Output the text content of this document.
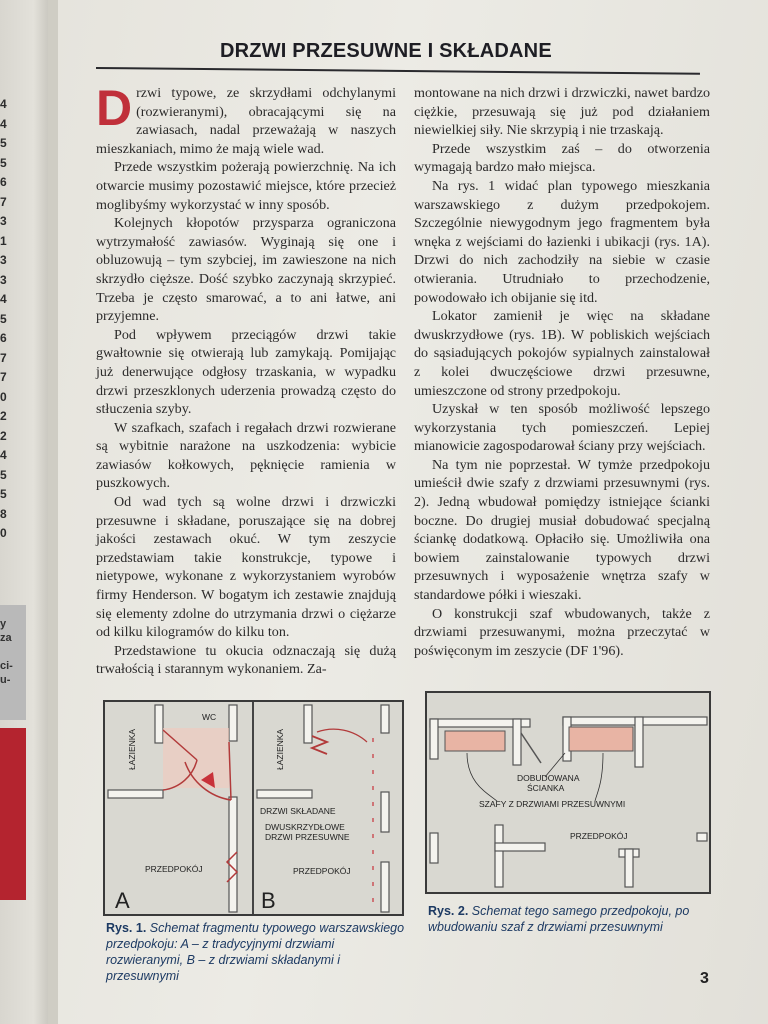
4
4
5
5
6
7
3
1
3
3
4
5
6
7
7
0
2
2
4
5
5
8
0
y
za
ci-
u-
DRZWI PRZESUWNE I SKŁADANE

Drzwi typowe, ze skrzydłami odchylanymi (rozwieranymi), obracającymi się na zawiasach, nadal przeważają w naszych mieszkaniach, mimo że mają wiele wad.

Przede wszystkim pożerają powierzchnię. Na ich otwarcie musimy pozostawić miejsce, które przecież moglibyśmy wykorzystać w inny sposób.

Kolejnych kłopotów przysparza ograniczona wytrzymałość zawiasów. Wyginają się one i obluzowują – tym szybciej, im zawieszone na nich skrzydło cięższe. Dość szybko zaczynają skrzypieć. Trzeba je często smarować, a to ani łatwe, ani przyjemne.

Pod wpływem przeciągów drzwi takie gwałtownie się otwierają lub zamykają. Pomijając już denerwujące odgłosy trzaskania, w wypadku drzwi przeszklonych uderzenia prowadzą często do stłuczenia szyby.

W szafkach, szafach i regałach drzwi rozwierane są wybitnie narażone na uszkodzenia: wybicie zawiasów kołkowych, pęknięcie ramienia w puszkowych.

Od wad tych są wolne drzwi i drzwiczki przesuwne i składane, poruszające się na dobrej jakości zestawach okuć. W tym zeszycie przedstawiam takie konstrukcje, typowe i nietypowe, wykonane z wykorzystaniem wyrobów firmy Henderson. W bogatym ich zestawie znajdują się elementy zdolne do utrzymania drzwi o ciężarze od kilku kilogramów do kilku ton.

Przedstawione tu okucia odznaczają się dużą trwałością i starannym wykonaniem. Za-

montowane na nich drzwi i drzwiczki, nawet bardzo ciężkie, przesuwają się już pod działaniem niewielkiej siły. Nie skrzypią i nie trzaskają.

Przede wszystkim zaś – do otworzenia wymagają bardzo mało miejsca.

Na rys. 1 widać plan typowego mieszkania warszawskiego z dużym przedpokojem. Szczególnie niewygodnym jego fragmentem była wnęka z wejściami do łazienki i ubikacji (rys. 1A). Drzwi do nich zachodziły na siebie w czasie otwierania. Utrudniało to przechodzenie, powodowało ich obijanie się itd.

Lokator zamienił je więc na składane dwuskrzydłowe (rys. 1B). W pobliskich wejściach do sąsiadujących pokojów sypialnych zainstalował z kolei dwuczęściowe drzwi przesuwne, umieszczone od strony przedpokoju.

Uzyskał w ten sposób możliwość lepszego wykorzystania tych pomieszczeń. Lepiej mianowicie zagospodarował ściany przy wejściach.

Na tym nie poprzestał. W tymże przedpokoju umieścił dwie szafy z drzwiami przesuwnymi (rys. 2). Jedną wbudował pomiędzy istniejące ścianki boczne. Do drugiej musiał dobudować specjalną ściankę dodatkową. Opłaciło się. Umożliwiła ona bowiem zainstalowanie typowych drzwi przesuwnych i wyposażenie wnętrza szafy w standardowe półki i wieszaki.

O konstrukcji szaf wbudowanych, także z drzwiami przesuwanymi, można przeczytać w poświęconym im zeszycie (DF 1'96).

WC
ŁAZIENKA
PRZEDPOKÓJ
A
ŁAZIENKA
DRZWI SKŁADANE
DWUSKRZYDŁOWE
DRZWI PRZESUWNE
PRZEDPOKÓJ
B
DOBUDOWANA
ŚCIANKA
SZAFY Z DRZWIAMI PRZESUWNYMI
PRZEDPOKÓJ
Rys. 1. Schemat fragmentu typowego warszawskiego przedpokoju: A – z tradycyjnymi drzwiami rozwieranymi, B – z drzwiami składanymi i przesuwnymi
Rys. 2. Schemat tego samego przedpokoju, po wbudowaniu szaf z drzwiami przesuwnymi
3
